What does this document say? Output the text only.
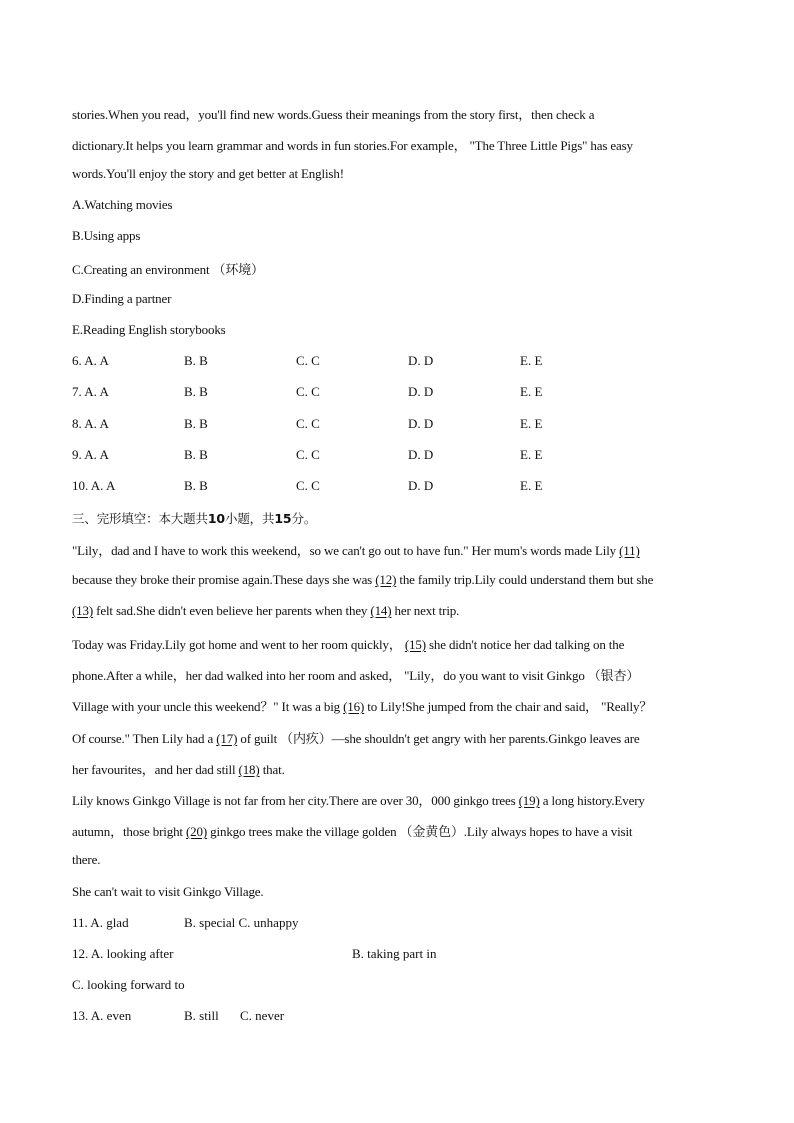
stories.When you read，you'll find new words.Guess their meanings from the story first，then check a
dictionary.It helps you learn grammar and words in fun stories.For example， "The Three Little Pigs" has easy
words.You'll enjoy the story and get better at English!
A.Watching movies
B.Using apps
C.Creating an environment （环境）
D.Finding a partner
E.Reading English storybooks
6. A. A	B. B	C. C	D. D	E. E
7. A. A	B. B	C. C	D. D	E. E
8. A. A	B. B	C. C	D. D	E. E
9. A. A	B. B	C. C	D. D	E. E
10. A. A	B. B	C. C	D. D	E. E
三、完形填空：本大题共10小题，共15分。
"Lily，dad and I have to work this weekend，so we can't go out to have fun." Her mum's words made Lily (11)
because they broke their promise again.These days she was (12) the family trip.Lily could understand them but she
(13) felt sad.She didn't even believe her parents when they (14) her next trip.
Today was Friday.Lily got home and went to her room quickly， (15) she didn't notice her dad talking on the
phone.After a while，her dad walked into her room and asked， "Lily，do you want to visit Ginkgo （银杏）
Village with your uncle this weekend？" It was a big (16) to Lily!She jumped from the chair and said， "Really？
Of course." Then Lily had a (17) of guilt （内疚）—she shouldn't get angry with her parents.Ginkgo leaves are
her favourites，and her dad still (18) that.
Lily knows Ginkgo Village is not far from her city.There are over 30，000 ginkgo trees (19) a long history.Every
autumn，those bright (20) ginkgo trees make the village golden （金黄色）.Lily always hopes to have a visit
there.
She can't wait to visit Ginkgo Village.
11. A. glad	B. special C. unhappy
12. A. looking after	B. taking part in
C. looking forward to
13. A. even	B. still C. never
